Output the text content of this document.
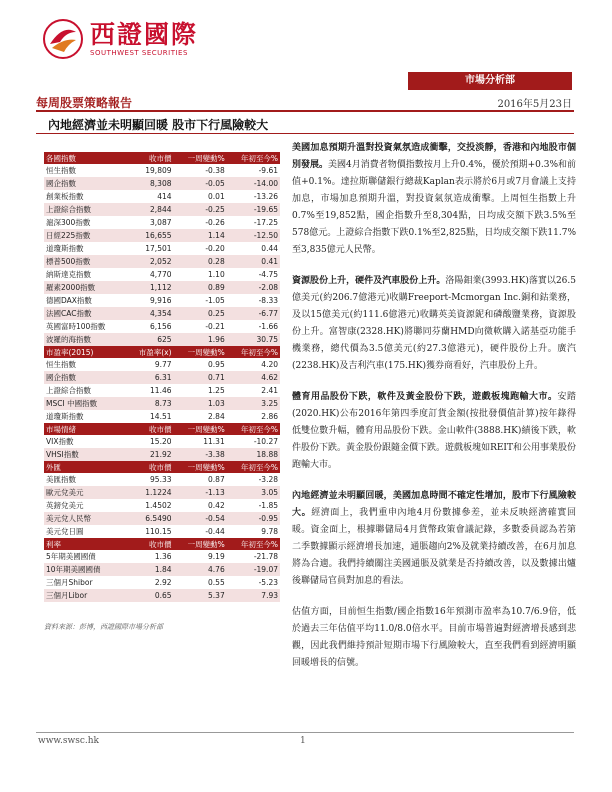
西證國際
SOUTHWEST SECURITIES
市場分析部
每周股票策略報告	2016年5月23日
內地經濟並未明顯回暖 股市下行風險較大
各國指數	收市價	一周變動%	年初至今%
恒生指數	19,809	-0.38	-9.61
國企指數	8,308	-0.05	-14.00
創業板指數	414	0.01	-13.26
上證綜合指數	2,844	-0.25	-19.65
滬深300指數	3,087	-0.26	-17.25
日經225指數	16,655	1.14	-12.50
道瓊斯指數	17,501	-0.20	0.44
標普500指數	2,052	0.28	0.41
納斯達克指數	4,770	1.10	-4.75
羅素2000指數	1,112	0.89	-2.08
德國DAX指數	9,916	-1.05	-8.33
法國CAC指數	4,354	0.25	-6.77
英國富時100指數	6,156	-0.21	-1.66
波羅的海指數	625	1.96	30.75
市盈率(2015)	市盈率(x)	一周變動%	年初至今%
恒生指數	9.77	0.95	4.20
國企指數	6.31	0.71	4.62
上證綜合指數	11.46	1.25	2.41
MSCI 中國指數	8.73	1.03	3.25
道瓊斯指數	14.51	2.84	2.86
市場情緒	收市價	一周變動%	年初至今%
VIX指數	15.20	11.31	-10.27
VHSI指數	21.92	-3.38	18.88
外匯	收市價	一周變動%	年初至今%
美匯指數	95.33	0.87	-3.28
歐元兌美元	1.1224	-1.13	3.05
英鎊兌美元	1.4502	0.42	-1.85
美元兌人民幣	6.5490	-0.54	-0.95
美元兌日圓	110.15	-0.44	9.78
利率	收市價	一周變動%	年初至今%
5年期美國國債	1.36	9.19	-21.78
10年期美國國債	1.84	4.76	-19.07
三個月Shibor	2.92	0.55	-5.23
三個月Libor	0.65	5.37	7.93
資料來源：彭博，西證國際市場分析部

美國加息預期升溫對投資氣氛造成衝擊，交投淡靜，香港和內地股市個別發展。美國4月消費者物價指數按月上升0.4%，優於預期+0.3%和前值+0.1%。達拉斯聯儲銀行總裁Kaplan表示將於6月或7月會議上支持加息，市場加息預期升溫，對投資氣氛造成衝擊。上周恒生指數上升0.7%至19,852點，國企指數升至8,304點，日均成交額下跌3.5%至578億元。上證綜合指數下跌0.1%至2,825點，日均成交額下跌11.7%至3,835億元人民幣。

資源股份上升，硬件及汽車股份上升。洛陽鉬業(3993.HK)落實以26.5億美元(約206.7億港元)收購Freeport-Mcmorgan Inc.銅和鈷業務，及以15億美元(約111.6億港元)收購英美資源鈮和磷酸鹽業務，資源股份上升。富智康(2328.HK)將聯同芬蘭HMD向微軟購入諾基亞功能手機業務，總代價為3.5億美元(約27.3億港元)，硬件股份上升。廣汽(2238.HK)及吉利汽車(175.HK)獲券商看好，汽車股份上升。

體育用品股份下跌，軟件及黃金股份下跌，遊戲板塊跑輸大市。安踏(2020.HK)公布2016年第四季度訂貨金額(按批發價值計算)按年錄得低雙位數升幅，體育用品股份下跌。金山軟件(3888.HK)績後下跌，軟件股份下跌。黃金股份跟隨金價下跌。遊戲板塊如REIT和公用事業股份跑輸大市。

內地經濟並未明顯回暖，美國加息時間不確定性增加，股市下行風險較大。經濟面上，我們重申內地4月份數據參差，並未反映經濟確實回暖。資金面上，根據聯儲局4月貨幣政策會議記錄，多數委員認為若第二季數據顯示經濟增長加速，通脹趨向2%及就業持續改善，在6月加息將為合適。我們持續關注美國通脹及就業是否持續改善，以及數據出爐後聯儲局官員對加息的看法。

估值方面，目前恒生指數/國企指數16年預測市盈率為10.7/6.9倍，低於過去三年估值平均11.0/8.0倍水平。目前市場普遍對經濟增長感到悲觀，因此我們維持預計短期市場下行風險較大，直至我們看到經濟明顯回暖增長的信號。

www.swsc.hk	1
